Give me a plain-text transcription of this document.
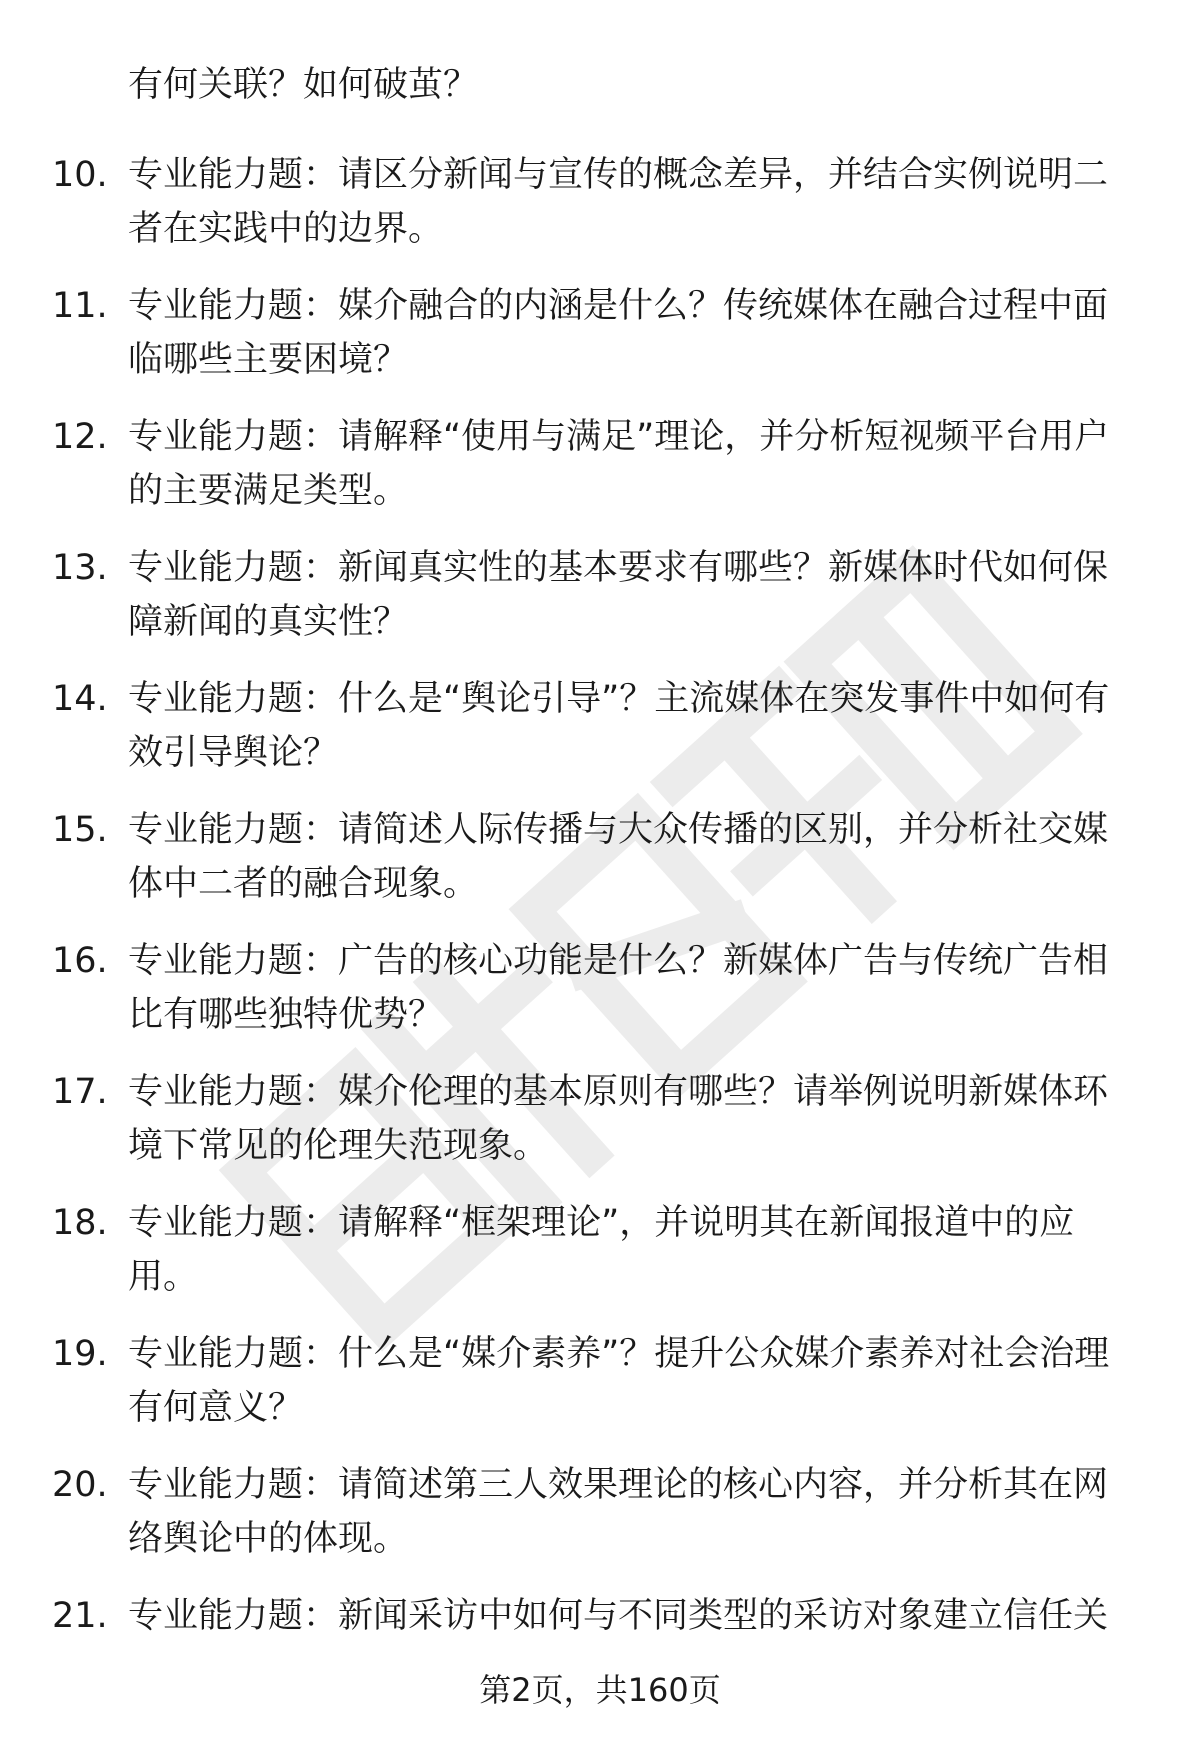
有何关联？如何破茧？
10. 专业能力题：请区分新闻与宣传的概念差异，并结合实例说明二者在实践中的边界。
11. 专业能力题：媒介融合的内涵是什么？传统媒体在融合过程中面临哪些主要困境？
12. 专业能力题：请解释“使用与满足”理论，并分析短视频平台用户的主要满足类型。
13. 专业能力题：新闻真实性的基本要求有哪些？新媒体时代如何保障新闻的真实性？
14. 专业能力题：什么是“舆论引导”？主流媒体在突发事件中如何有效引导舆论？
15. 专业能力题：请简述人际传播与大众传播的区别，并分析社交媒体中二者的融合现象。
16. 专业能力题：广告的核心功能是什么？新媒体广告与传统广告相比有哪些独特优势？
17. 专业能力题：媒介伦理的基本原则有哪些？请举例说明新媒体环境下常见的伦理失范现象。
18. 专业能力题：请解释“框架理论”，并说明其在新闻报道中的应用。
19. 专业能力题：什么是“媒介素养”？提升公众媒介素养对社会治理有何意义？
20. 专业能力题：请简述第三人效果理论的核心内容，并分析其在网络舆论中的体现。
21. 专业能力题：新闻采访中如何与不同类型的采访对象建立信任关
第2页，共160页
